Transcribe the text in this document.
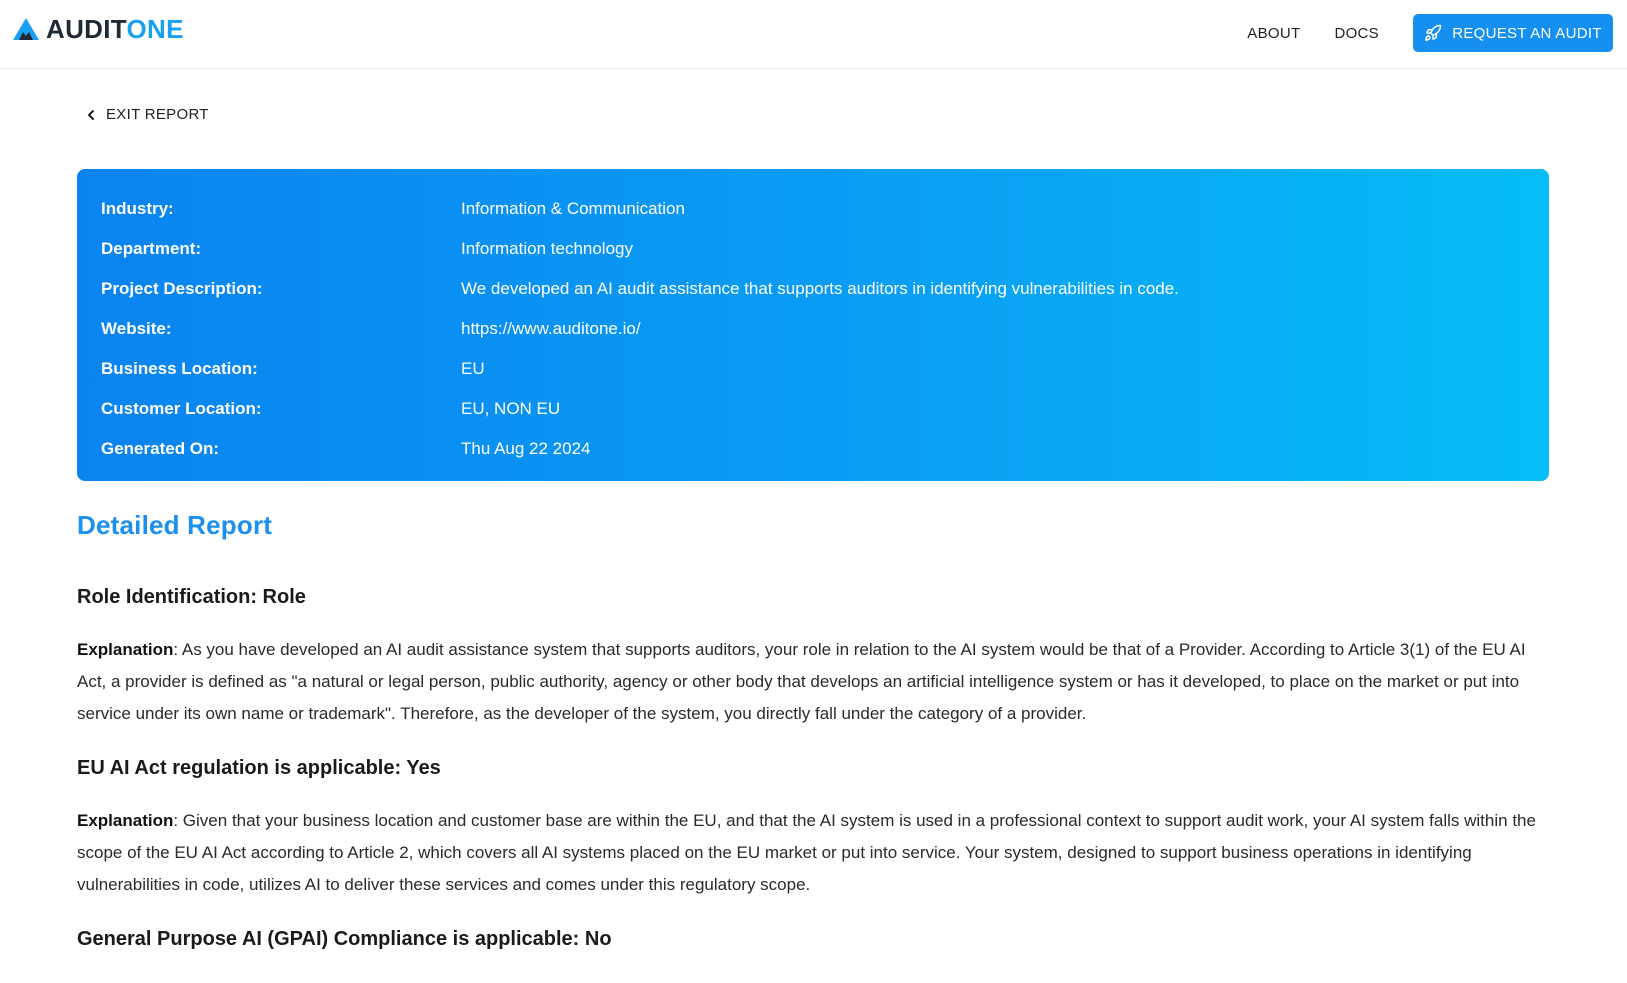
AUDITONE	ABOUT DOCS	REQUEST AN AUDIT
EXIT REPORT
Industry:	Information & Communication
Department:	Information technology
Project Description:	We developed an AI audit assistance that supports auditors in identifying vulnerabilities in code.
Website:	https://www.auditone.io/
Business Location:	EU
Customer Location:	EU, NON EU
Generated On:	Thu Aug 22 2024
Detailed Report
Role Identification: Role

Explanation: As you have developed an AI audit assistance system that supports auditors, your role in relation to the AI system would be that of a Provider. According to Article 3(1) of the EU AI Act, a provider is defined as "a natural or legal person, public authority, agency or other body that develops an artificial intelligence system or has it developed, to place on the market or put into service under its own name or trademark". Therefore, as the developer of the system, you directly fall under the category of a provider.

EU AI Act regulation is applicable: Yes

Explanation: Given that your business location and customer base are within the EU, and that the AI system is used in a professional context to support audit work, your AI system falls within the scope of the EU AI Act according to Article 2, which covers all AI systems placed on the EU market or put into service. Your system, designed to support business operations in identifying vulnerabilities in code, utilizes AI to deliver these services and comes under this regulatory scope.

General Purpose AI (GPAI) Compliance is applicable: No
